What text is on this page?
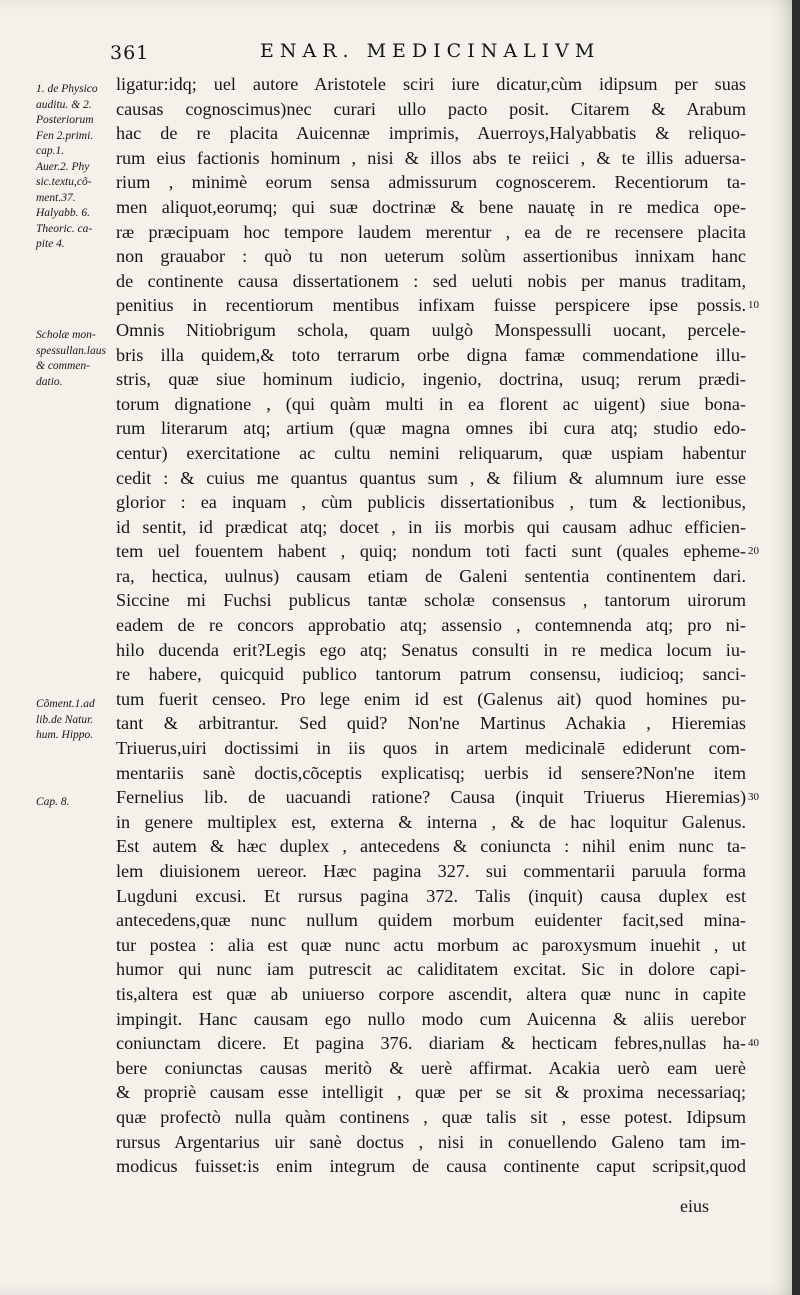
361	ENAR. MEDICINALIVM
ligatur:idq; uel autore Aristotele sciri iure dicatur,cùm idipsum per suas
causas cognoscimus)nec curari ullo pacto posit. Citarem & Arabum
hac de re placita Auicennæ imprimis, Auerroys,Halyabbatis & reliquo-
rum eius factionis hominum , nisi & illos abs te reiici , & te illis aduersa-
rium , minimè eorum sensa admissurum cognoscerem. Recentiorum ta-
men aliquot,eorumq; qui suæ doctrinæ & bene nauatę in re medica ope-
ræ præcipuam hoc tempore laudem merentur , ea de re recensere placita
non grauabor : quò tu non ueterum solùm assertionibus innixam hanc
de continente causa dissertationem : sed ueluti nobis per manus traditam,
penitius in recentiorum mentibus infixam fuisse perspicere ipse possis.
Omnis Nitiobrigum schola, quam uulgò Monspessulli uocant, percele-
bris illa quidem,& toto terrarum orbe digna famæ commendatione illu-
stris, quæ siue hominum iudicio, ingenio, doctrina, usuq; rerum prædi-
torum dignatione , (qui quàm multi in ea florent ac uigent) siue bona-
rum literarum atq; artium (quæ magna omnes ibi cura atq; studio edo-
centur) exercitatione ac cultu nemini reliquarum, quæ uspiam habentur
cedit : & cuius me quantus quantus sum , & filium & alumnum iure esse
glorior : ea inquam , cùm publicis dissertationibus , tum & lectionibus,
id sentit, id prædicat atq; docet , in iis morbis qui causam adhuc efficien-
tem uel fouentem habent , quiq; nondum toti facti sunt (quales epheme-
ra, hectica, uulnus) causam etiam de Galeni sententia continentem dari.
Siccine mi Fuchsi publicus tantæ scholæ consensus , tantorum uirorum
eadem de re concors approbatio atq; assensio , contemnenda atq; pro ni-
hilo ducenda erit?Legis ego atq; Senatus consulti in re medica locum iu-
re habere, quicquid publico tantorum patrum consensu, iudicioq; sanci-
tum fuerit censeo. Pro lege enim id est (Galenus ait) quod homines pu-
tant & arbitrantur. Sed quid? Non'ne Martinus Achakia , Hieremias
Triuerus,uiri doctissimi in iis quos in artem medicinalē ediderunt com-
mentariis sanè doctis,cõceptis explicatisq; uerbis id sensere?Non'ne item
Fernelius lib. de uacuandi ratione? Causa (inquit Triuerus Hieremias)
in genere multiplex est, externa & interna , & de hac loquitur Galenus.
Est autem & hæc duplex , antecedens & coniuncta : nihil enim nunc ta-
lem diuisionem uereor. Hæc pagina 327. sui commentarii paruula forma
Lugduni excusi. Et rursus pagina 372. Talis (inquit) causa duplex est
antecedens,quæ nunc nullum quidem morbum euidenter facit,sed mina-
tur postea : alia est quæ nunc actu morbum ac paroxysmum inuehit , ut
humor qui nunc iam putrescit ac caliditatem excitat. Sic in dolore capi-
tis,altera est quæ ab uniuerso corpore ascendit, altera quæ nunc in capite
impingit. Hanc causam ego nullo modo cum Auicenna & aliis uerebor
coniunctam dicere. Et pagina 376. diariam & hecticam febres,nullas ha-
bere coniunctas causas meritò & uerè affirmat. Acakia uerò eam uerè
& propriè causam esse intelligit , quæ per se sit & proxima necessariaq;
quæ profectò nulla quàm continens , quæ talis sit , esse potest. Idipsum
rursus Argentarius uir sanè doctus , nisi in conuellendo Galeno tam im-
modicus fuisset:is enim integrum de causa continente caput scripsit,quod
1. de Physico
auditu. & 2.
Posteriorum
Fen 2.primi.
cap.1.
Auer.2. Phy
sic.textu,cõ-
ment.37.
Halyabb. 6.
Theoric. ca-
pite 4.
Scholæ mon-
spessullan.laus
& commen-
datio.
Cõment.1.ad
lib.de Natur.
hum. Hippo.
Cap. 8.
10
20
30
40
eius
